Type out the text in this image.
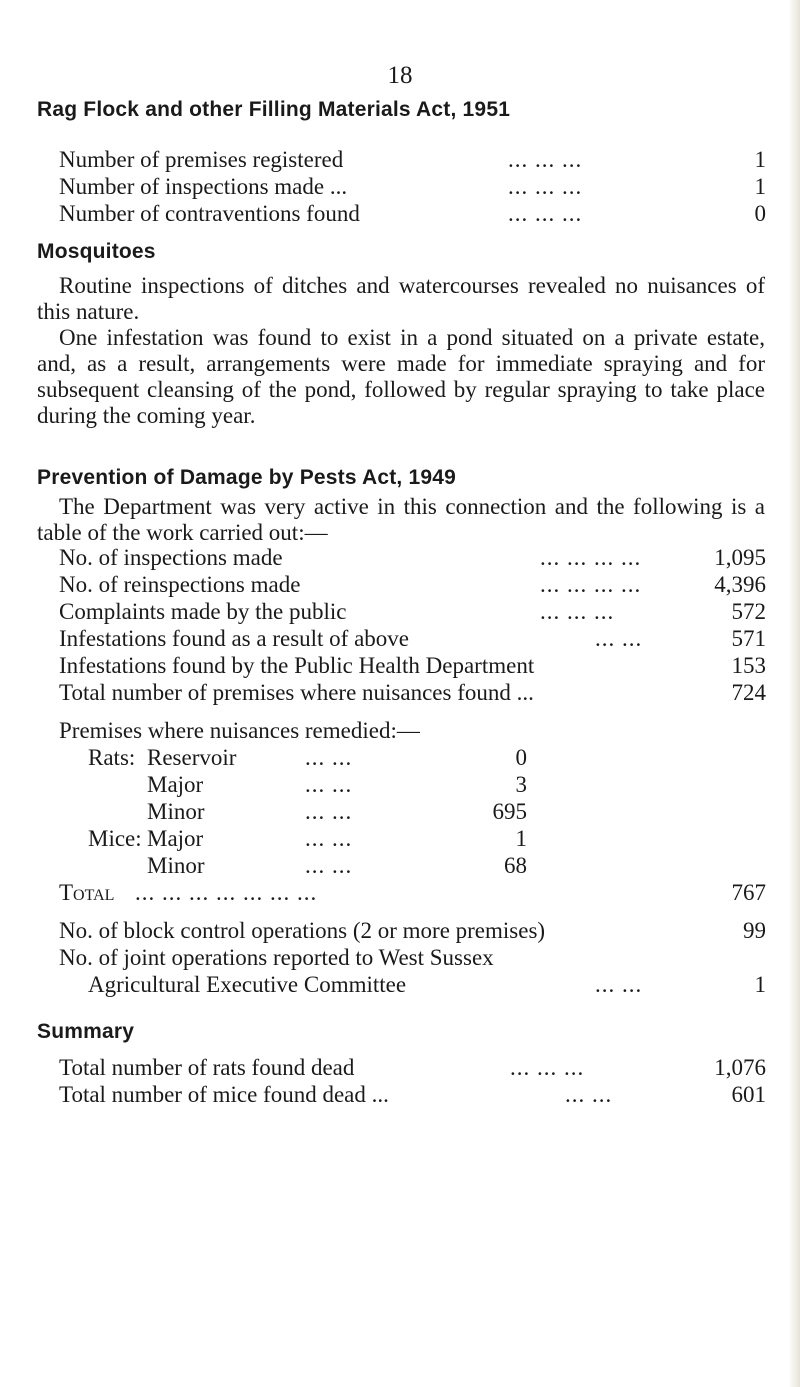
18
Rag Flock and other Filling Materials Act, 1951
Number of premises registered	... ... ...	1
Number of inspections made ...	... ... ...	1
Number of contraventions found	... ... ...	0
Mosquitoes
Routine inspections of ditches and watercourses revealed no nuisances of this nature.
One infestation was found to exist in a pond situated on a private estate, and, as a result, arrangements were made for immediate spraying and for subsequent cleansing of the pond, followed by regular spraying to take place during the coming year.
Prevention of Damage by Pests Act, 1949
The Department was very active in this connection and the following is a table of the work carried out:—
No. of inspections made	... ... ... ...	1,095
No. of reinspections made	... ... ... ...	4,396
Complaints made by the public	... ... ...	572
Infestations found as a result of above	... ...	571
Infestations found by the Public Health Department	153
Total number of premises where nuisances found ...	724
Premises where nuisances remedied:—
Rats: Reservoir	... ...	0
Major	... ...	3
Minor	... ...	695
Mice: Major	... ...	1
Minor	... ...	68
Total ... ... ... ... ... ... ...	767
No. of block control operations (2 or more premises)	99
No. of joint operations reported to West Sussex
Agricultural Executive Committee	... ...	1
Summary
Total number of rats found dead	... ... ...	1,076
Total number of mice found dead ...	... ...	601
